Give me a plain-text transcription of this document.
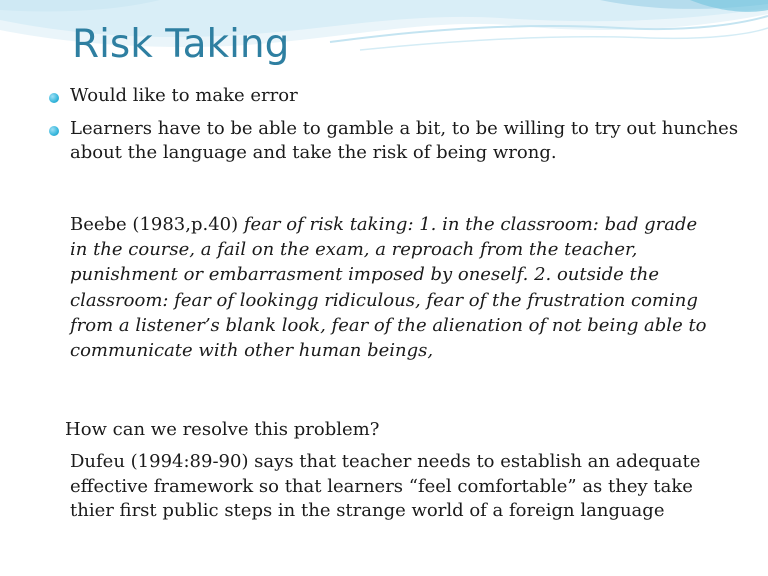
Risk Taking
Would like to make error
Learners have to be able to gamble a bit, to be willing to try out hunches about the language and take the risk of being wrong.

Beebe (1983,p.40) fear of risk taking: 1. in the classroom: bad grade in the course, a fail on the exam, a reproach from the teacher, punishment or embarrasment imposed by oneself. 2. outside the classroom: fear of lookingg ridiculous, fear of the frustration coming from a listener’s blank look, fear of the alienation of not being able to communicate with other human beings,

How can we resolve this problem?

Dufeu (1994:89-90) says that teacher needs to establish an adequate effective framework so that learners “feel comfortable” as they take thier first public steps in the strange world of a foreign language
